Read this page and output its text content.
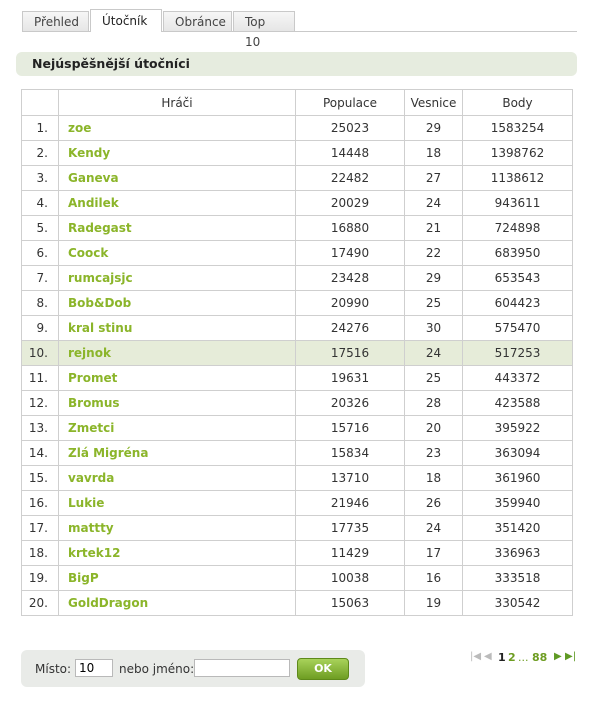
Přehled	Útočník	Obránce	Top 10
Nejúspěšnější útočníci
	Hráči	Populace	Vesnice	Body
1.	zoe	25023	29	1583254
2.	Kendy	14448	18	1398762
3.	Ganeva	22482	27	1138612
4.	Andilek	20029	24	943611
5.	Radegast	16880	21	724898
6.	Coock	17490	22	683950
7.	rumcajsjc	23428	29	653543
8.	Bob&Dob	20990	25	604423
9.	kral stinu	24276	30	575470
10.	rejnok	17516	24	517253
11.	Promet	19631	25	443372
12.	Bromus	20326	28	423588
13.	Zmetci	15716	20	395922
14.	Zlá Migréna	15834	23	363094
15.	vavrda	13710	18	361960
16.	Lukie	21946	26	359940
17.	mattty	17735	24	351420
18.	krtek12	11429	17	336963
19.	BigP	10038	16	333518
20.	GoldDragon	15063	19	330542
Místo:
10	nebo jméno:	OK
|◀ ◀ 1 2 ... 88 ▶ ▶|
